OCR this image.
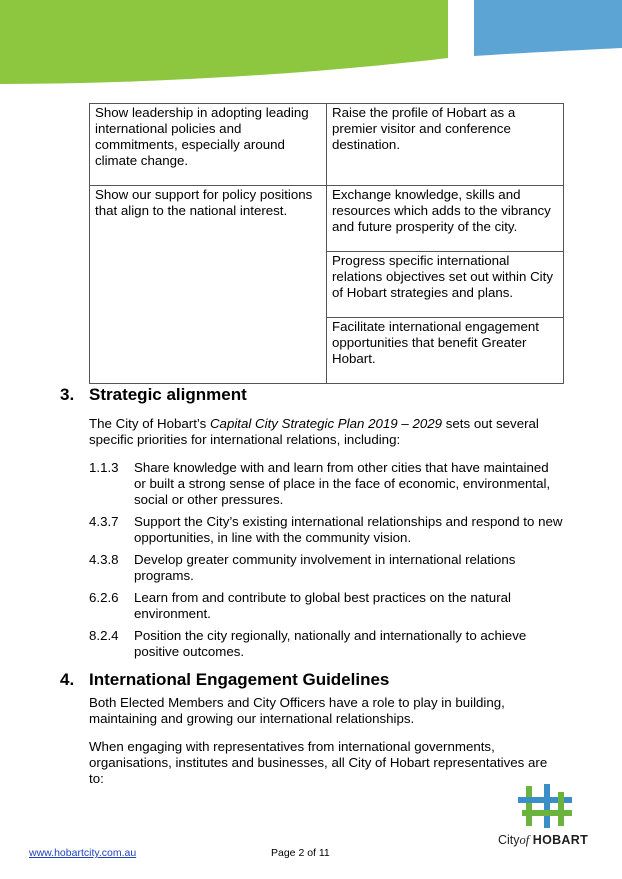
Show leadership in adopting leading international policies and commitments, especially around climate change.	Raise the profile of Hobart as a premier visitor and conference destination.
Show our support for policy positions that align to the national interest.	Exchange knowledge, skills and resources which adds to the vibrancy and future prosperity of the city.
	Progress specific international relations objectives set out within City of Hobart strategies and plans.
	Facilitate international engagement opportunities that benefit Greater Hobart.
3. Strategic alignment
The City of Hobart’s Capital City Strategic Plan 2019 – 2029 sets out several specific priorities for international relations, including:
1.1.3	Share knowledge with and learn from other cities that have maintained or built a strong sense of place in the face of economic, environmental, social or other pressures.
4.3.7	Support the City’s existing international relationships and respond to new opportunities, in line with the community vision.
4.3.8	Develop greater community involvement in international relations programs.
6.2.6	Learn from and contribute to global best practices on the natural environment.
8.2.4	Position the city regionally, nationally and internationally to achieve positive outcomes.
4. International Engagement Guidelines
Both Elected Members and City Officers have a role to play in building, maintaining and growing our international relationships.
When engaging with representatives from international governments, organisations, institutes and businesses, all City of Hobart representatives are to:
Cityof HOBART
www.hobartcity.com.au	Page 2 of 11
